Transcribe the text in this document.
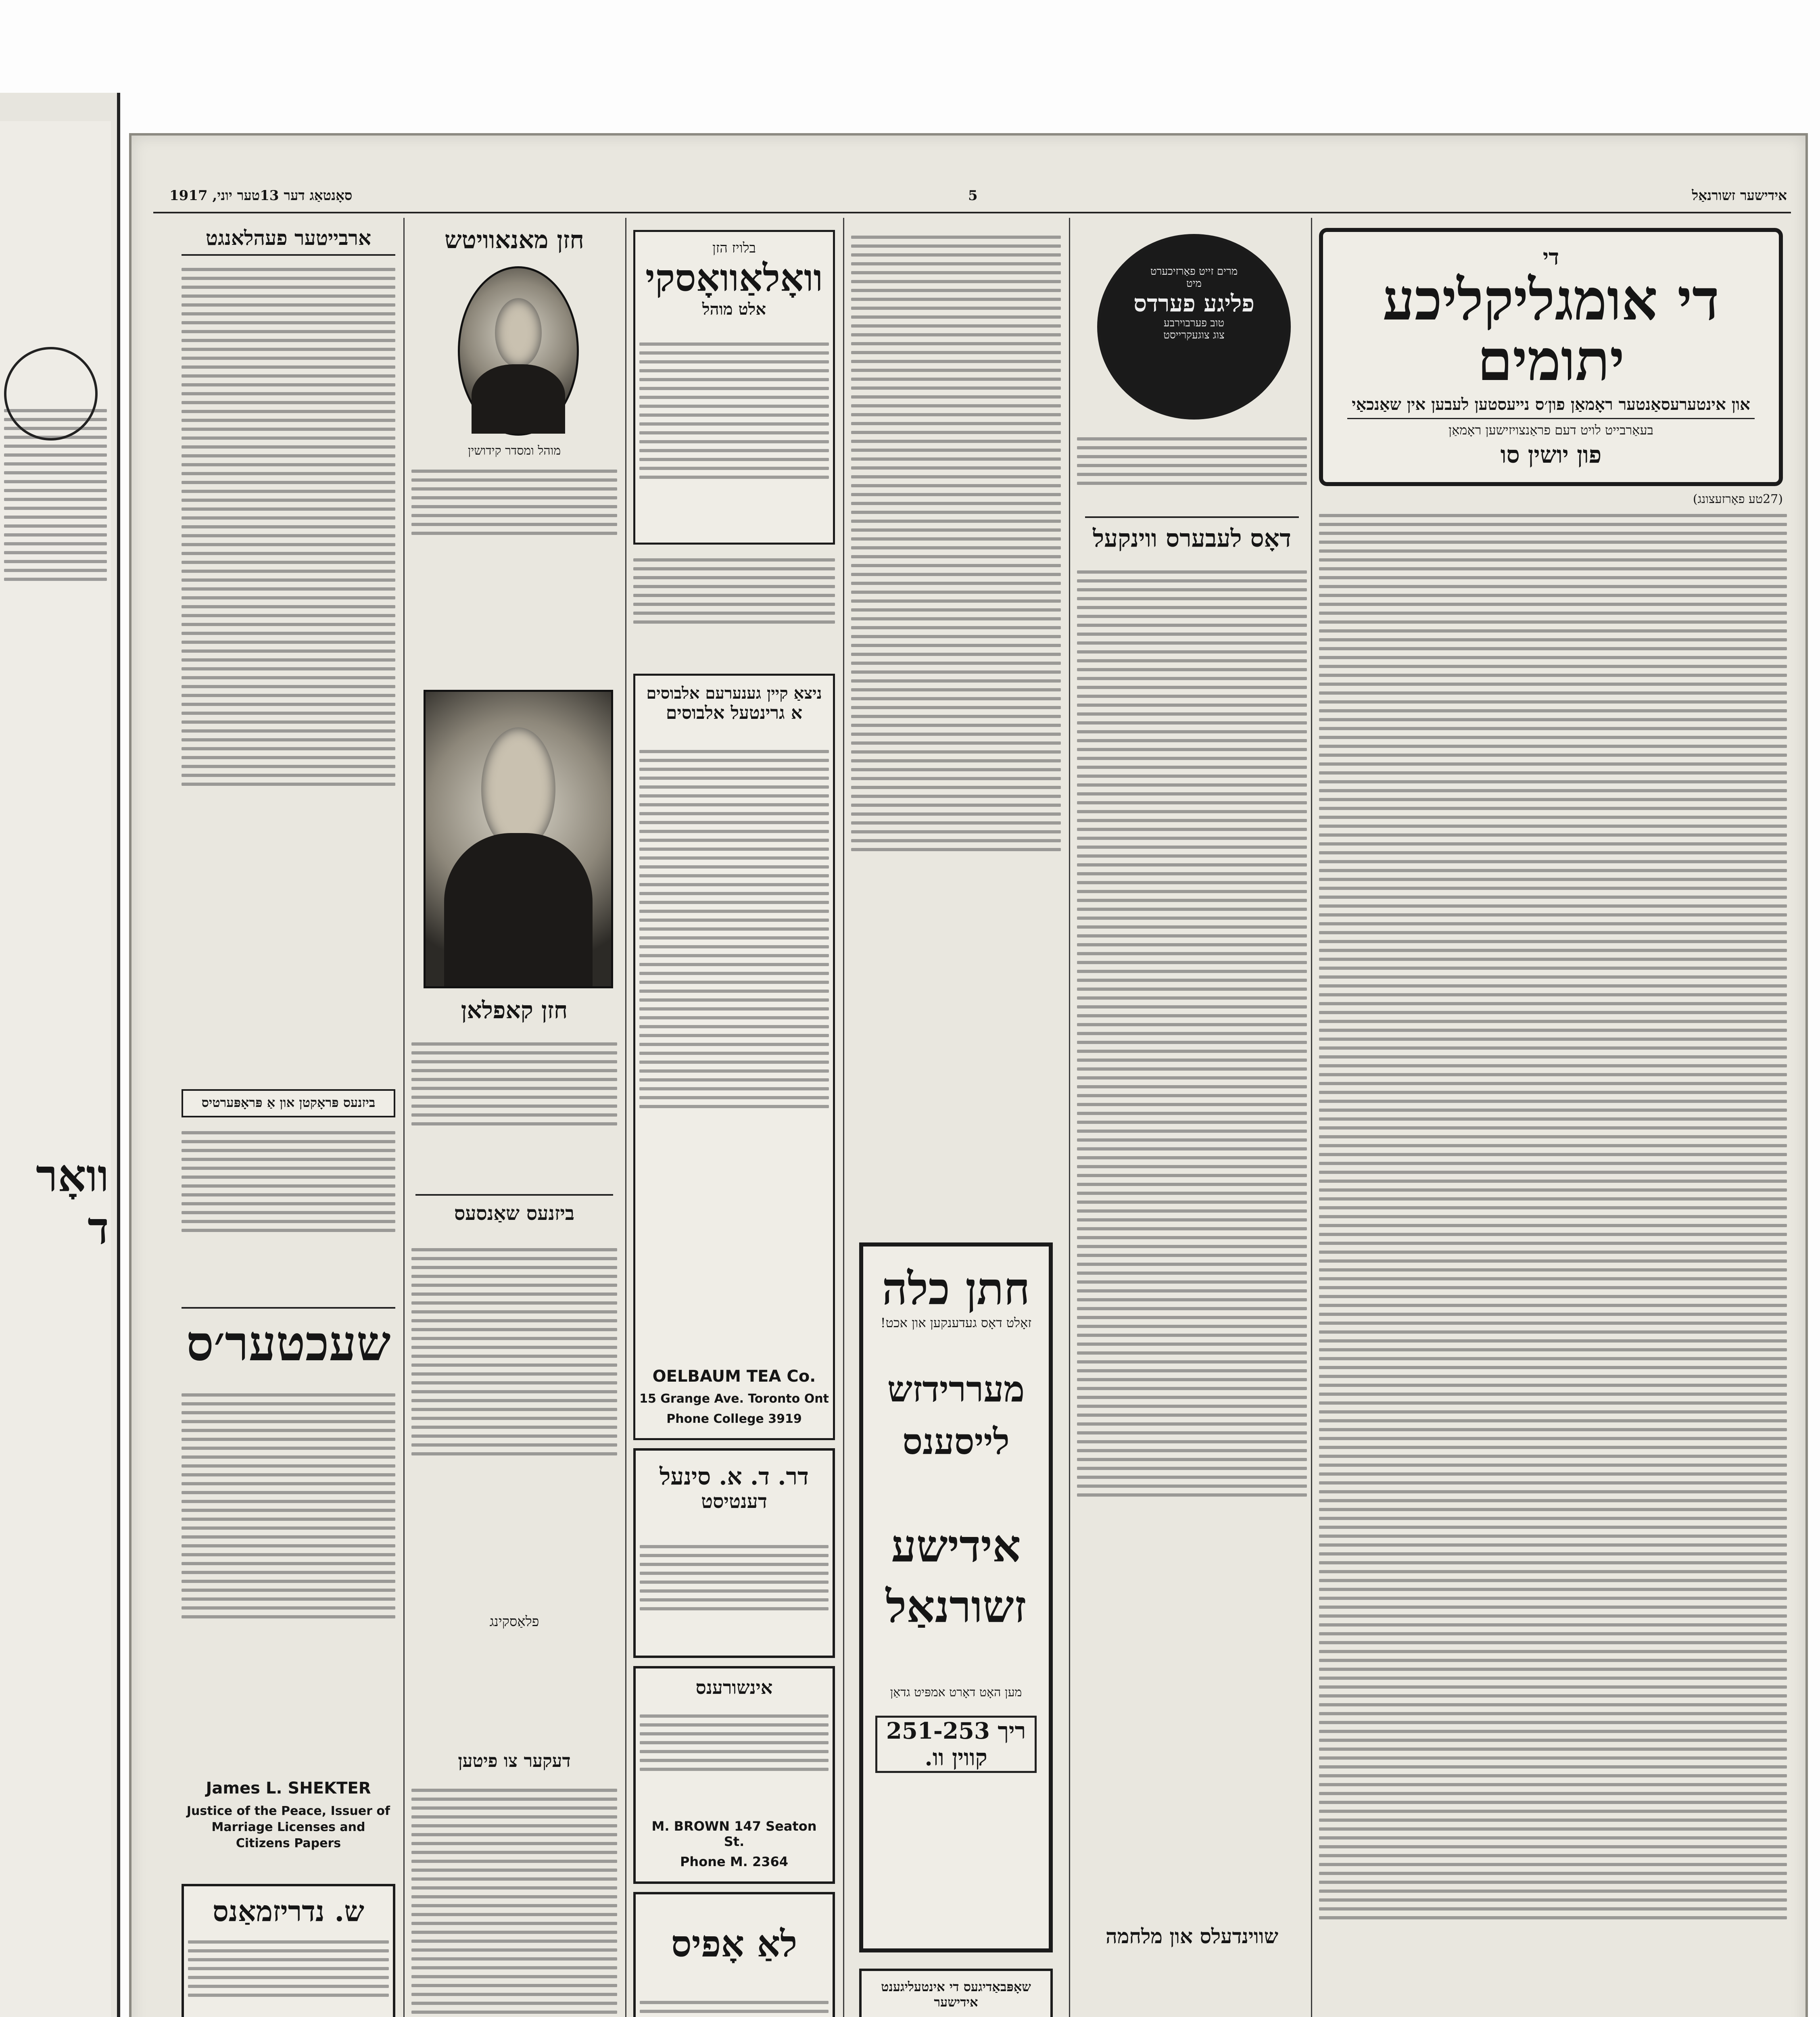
וואָר ד
סאָנטאַג דער 13טער יוני, 1917	5	אידישער זשורנאַל
די
די אומגליקליכע יתומים
און אינטערעסאַנטער ראָמאַן פון׳ס נייעסטען לעבען אין שאַנכאַי
בעאַרבייט לויט דעם פראַנצויזישען ראָמאַן
פון יושין סו
(27טע פאָרזעצונג)
מרים זייט פאַרזיכערט
מיט
פליגע פערדס
טוב פערבוירבע
צוג צוגעקרייסט
דאָס לעבערס ווינקעל
שווינדעלס און מלחמה
חתן כלה
זאָלט דאָס געדענקען און אכט!
מעררידזש לייסענס
אידישע זשורנאַל
מען האָט דאָרט אמפּיט גדאַן
ריך 251-253 קווין וו.
שאָפּבאַדיגעס די אינטעליגענט אידישער
בלויז הזן
וואָלאַוואָסקי
אלט מוהל
ניצאַ קיין גענערעם אלבוסים
א גרינטעל אלבוסים
OELBAUM TEA Co.
15 Grange Ave. Toronto Ont
Phone College 3919
דר. ד. א. סינעל
דענטיסט
אינשורענס
M. BROWN 147 Seaton St.
Phone M. 2364
לאַ אָפיס
חזן מאנאוויטש
מוהל ומסדר קידושין
חזן קאפלאן
ביזנעס שאַנסעס
פלאַסקינג
דעקער צו פיטען
ארבייטער פעהלאנגט
ביזנעס פּראָקטן און אַ פּראָפּערטיס
שעכטער׳ס
James L. SHEKTER
Justice of the Peace, Issuer of Marriage Licenses and Citizens Papers
ש. נדריזמאַנס
